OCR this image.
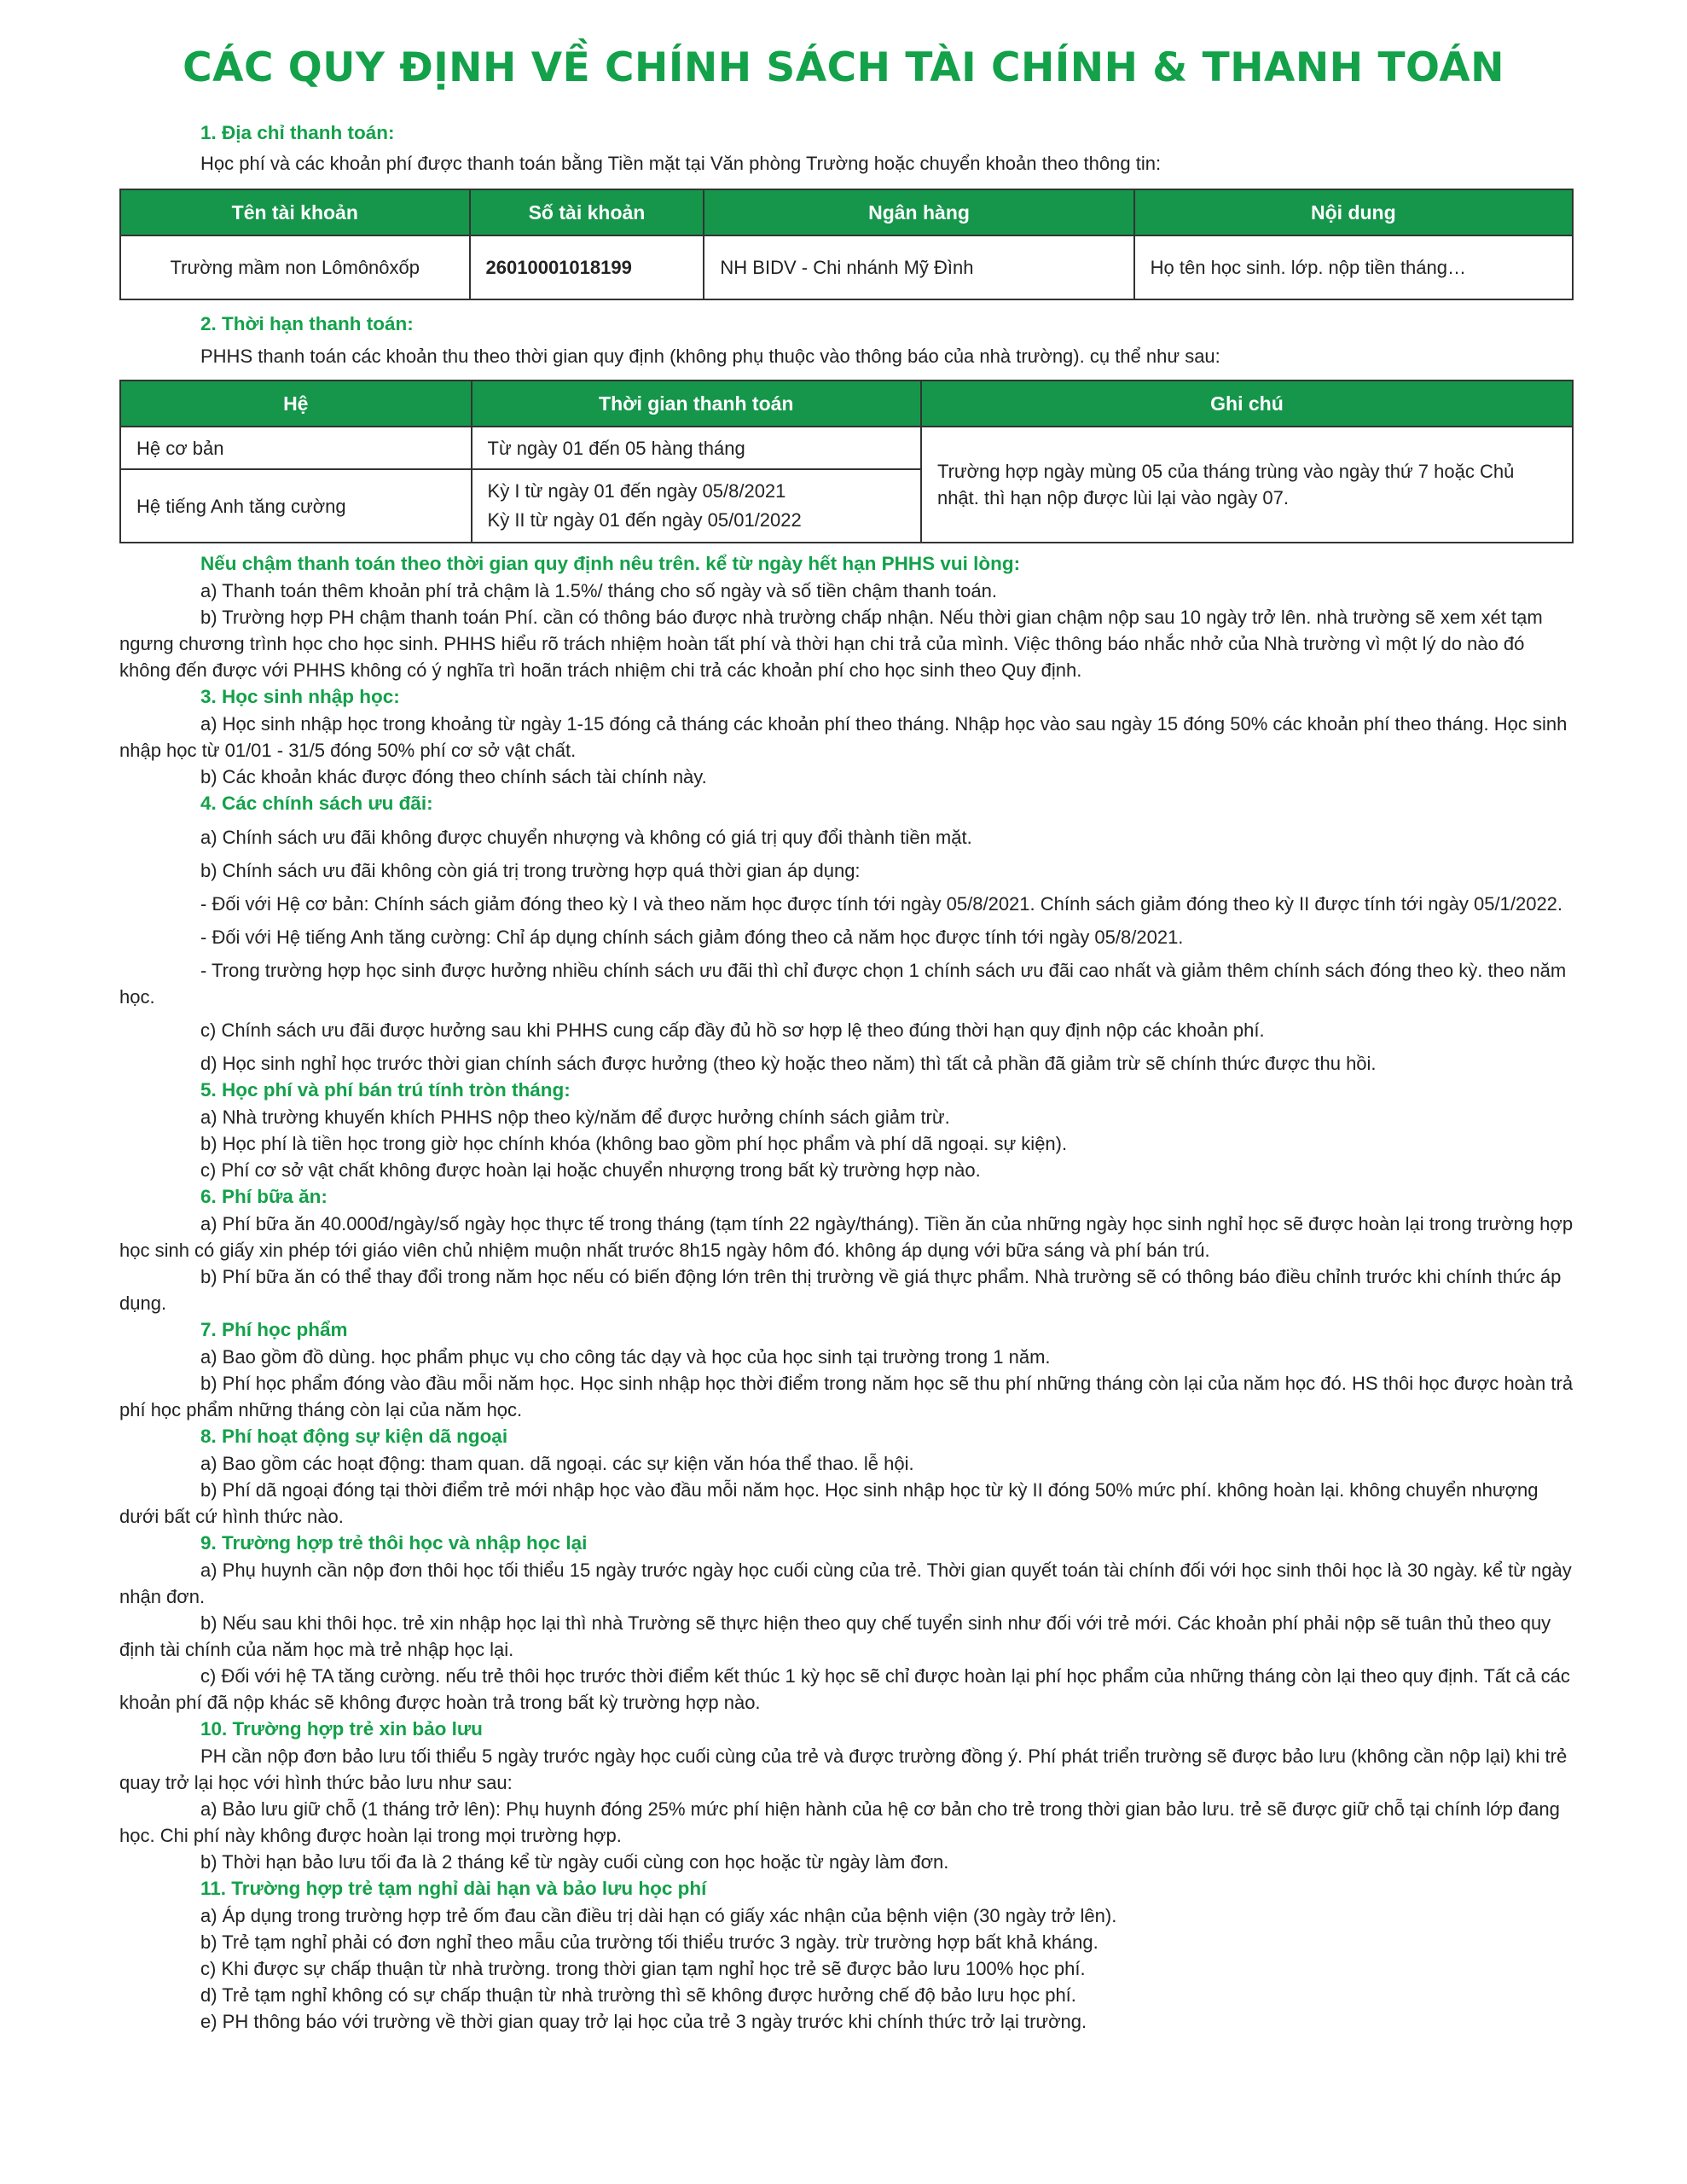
CÁC QUY ĐỊNH VỀ CHÍNH SÁCH TÀI CHÍNH & THANH TOÁN

1. Địa chỉ thanh toán:

Học phí và các khoản phí được thanh toán bằng Tiền mặt tại Văn phòng Trường hoặc chuyển khoản theo thông tin:

Tên tài khoản	Số tài khoản	Ngân hàng	Nội dung
Trường mầm non Lômônôxốp	26010001018199	NH BIDV - Chi nhánh Mỹ Đình	Họ tên học sinh. lớp. nộp tiền tháng…

2. Thời hạn thanh toán:

PHHS thanh toán các khoản thu theo thời gian quy định (không phụ thuộc vào thông báo của nhà trường). cụ thể như sau:

Hệ	Thời gian thanh toán	Ghi chú
Hệ cơ bản	Từ ngày 01 đến 05 hàng tháng	Trường hợp ngày mùng 05 của tháng trùng vào ngày thứ 7 hoặc Chủ nhật. thì hạn nộp được lùi lại vào ngày 07.
Hệ tiếng Anh tăng cường	Kỳ I từ ngày 01 đến ngày 05/8/2021
Kỳ II từ ngày 01 đến ngày 05/01/2022	

Nếu chậm thanh toán theo thời gian quy định nêu trên. kể từ ngày hết hạn PHHS vui lòng:

a) Thanh toán thêm khoản phí trả chậm là 1.5%/ tháng cho số ngày và số tiền chậm thanh toán.

b) Trường hợp PH chậm thanh toán Phí. cần có thông báo được nhà trường chấp nhận. Nếu thời gian chậm nộp sau 10 ngày trở lên. nhà trường sẽ xem xét tạm ngưng chương trình học cho học sinh. PHHS hiểu rõ trách nhiệm hoàn tất phí và thời hạn chi trả của mình. Việc thông báo nhắc nhở của Nhà trường vì một lý do nào đó không đến được với PHHS không có ý nghĩa trì hoãn trách nhiệm chi trả các khoản phí cho học sinh theo Quy định.

3. Học sinh nhập học:

a) Học sinh nhập học trong khoảng từ ngày 1-15 đóng cả tháng các khoản phí theo tháng. Nhập học vào sau ngày 15 đóng 50% các khoản phí theo tháng. Học sinh nhập học từ 01/01 - 31/5 đóng 50% phí cơ sở vật chất.

b) Các khoản khác được đóng theo chính sách tài chính này.

4. Các chính sách ưu đãi:

a) Chính sách ưu đãi không được chuyển nhượng và không có giá trị quy đổi thành tiền mặt.

b) Chính sách ưu đãi không còn giá trị trong trường hợp quá thời gian áp dụng:

- Đối với Hệ cơ bản: Chính sách giảm đóng theo kỳ I và theo năm học được tính tới ngày 05/8/2021. Chính sách giảm đóng theo kỳ II được tính tới ngày 05/1/2022.

- Đối với Hệ tiếng Anh tăng cường: Chỉ áp dụng chính sách giảm đóng theo cả năm học được tính tới ngày 05/8/2021.

- Trong trường hợp học sinh được hưởng nhiều chính sách ưu đãi thì chỉ được chọn 1 chính sách ưu đãi cao nhất và giảm thêm chính sách đóng theo kỳ. theo năm học.

c) Chính sách ưu đãi được hưởng sau khi PHHS cung cấp đầy đủ hồ sơ hợp lệ theo đúng thời hạn quy định nộp các khoản phí.

d) Học sinh nghỉ học trước thời gian chính sách được hưởng (theo kỳ hoặc theo năm) thì tất cả phần đã giảm trừ sẽ chính thức được thu hồi.

5. Học phí và phí bán trú tính tròn tháng:

a) Nhà trường khuyến khích PHHS nộp theo kỳ/năm để được hưởng chính sách giảm trừ.

b) Học phí là tiền học trong giờ học chính khóa (không bao gồm phí học phẩm và phí dã ngoại. sự kiện).

c) Phí cơ sở vật chất không được hoàn lại hoặc chuyển nhượng trong bất kỳ trường hợp nào.

6. Phí bữa ăn:

a) Phí bữa ăn 40.000đ/ngày/số ngày học thực tế trong tháng (tạm tính 22 ngày/tháng). Tiền ăn của những ngày học sinh nghỉ học sẽ được hoàn lại trong trường hợp học sinh có giấy xin phép tới giáo viên chủ nhiệm muộn nhất trước 8h15 ngày hôm đó. không áp dụng với bữa sáng và phí bán trú.

b) Phí bữa ăn có thể thay đổi trong năm học nếu có biến động lớn trên thị trường về giá thực phẩm. Nhà trường sẽ có thông báo điều chỉnh trước khi chính thức áp dụng.

7. Phí học phẩm

a) Bao gồm đồ dùng. học phẩm phục vụ cho công tác dạy và học của học sinh tại trường trong 1 năm.

b) Phí học phẩm đóng vào đầu mỗi năm học. Học sinh nhập học thời điểm trong năm học sẽ thu phí những tháng còn lại của năm học đó. HS thôi học được hoàn trả phí học phẩm những tháng còn lại của năm học.

8. Phí hoạt động sự kiện dã ngoại

a) Bao gồm các hoạt động: tham quan. dã ngoại. các sự kiện văn hóa thể thao. lễ hội.

b) Phí dã ngoại đóng tại thời điểm trẻ mới nhập học vào đầu mỗi năm học. Học sinh nhập học từ kỳ II đóng 50% mức phí. không hoàn lại. không chuyển nhượng dưới bất cứ hình thức nào.

9. Trường hợp trẻ thôi học và nhập học lại

a) Phụ huynh cần nộp đơn thôi học tối thiểu 15 ngày trước ngày học cuối cùng của trẻ. Thời gian quyết toán tài chính đối với học sinh thôi học là 30 ngày. kể từ ngày nhận đơn.

b) Nếu sau khi thôi học. trẻ xin nhập học lại thì nhà Trường sẽ thực hiện theo quy chế tuyển sinh như đối với trẻ mới. Các khoản phí phải nộp sẽ tuân thủ theo quy định tài chính của năm học mà trẻ nhập học lại.

c) Đối với hệ TA tăng cường. nếu trẻ thôi học trước thời điểm kết thúc 1 kỳ học sẽ chỉ được hoàn lại phí học phẩm của những tháng còn lại theo quy định. Tất cả các khoản phí đã nộp khác sẽ không được hoàn trả trong bất kỳ trường hợp nào.

10. Trường hợp trẻ xin bảo lưu

PH cần nộp đơn bảo lưu tối thiểu 5 ngày trước ngày học cuối cùng của trẻ và được trường đồng ý. Phí phát triển trường sẽ được bảo lưu (không cần nộp lại) khi trẻ quay trở lại học với hình thức bảo lưu như sau:

a) Bảo lưu giữ chỗ (1 tháng trở lên): Phụ huynh đóng 25% mức phí hiện hành của hệ cơ bản cho trẻ trong thời gian bảo lưu. trẻ sẽ được giữ chỗ tại chính lớp đang học. Chi phí này không được hoàn lại trong mọi trường hợp.

b) Thời hạn bảo lưu tối đa là 2 tháng kể từ ngày cuối cùng con học hoặc từ ngày làm đơn.

11. Trường hợp trẻ tạm nghỉ dài hạn và bảo lưu học phí

a) Áp dụng trong trường hợp trẻ ốm đau cần điều trị dài hạn có giấy xác nhận của bệnh viện (30 ngày trở lên).

b) Trẻ tạm nghỉ phải có đơn nghỉ theo mẫu của trường tối thiểu trước 3 ngày. trừ trường hợp bất khả kháng.

c) Khi được sự chấp thuận từ nhà trường. trong thời gian tạm nghỉ học trẻ sẽ được bảo lưu 100% học phí.

d) Trẻ tạm nghỉ không có sự chấp thuận từ nhà trường thì sẽ không được hưởng chế độ bảo lưu học phí.

e) PH thông báo với trường về thời gian quay trở lại học của trẻ 3 ngày trước khi chính thức trở lại trường.
